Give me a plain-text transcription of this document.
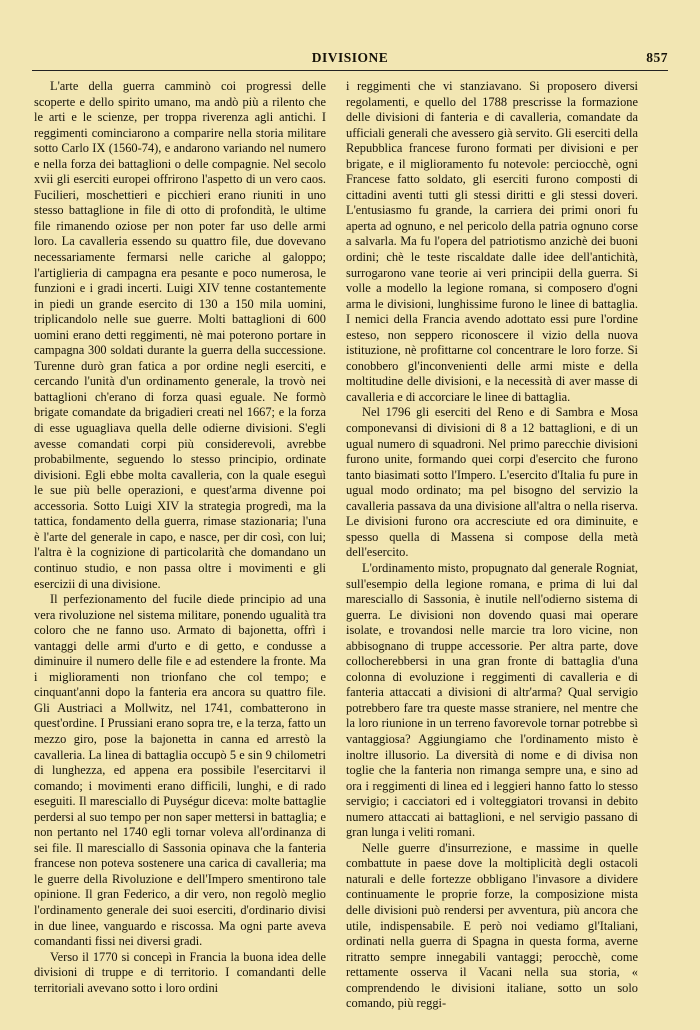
DIVISIONE	857

L'arte della guerra camminò coi progressi delle scoperte e dello spirito umano, ma andò più a rilento che le arti e le scienze, per troppa riverenza agli antichi. I reggimenti cominciarono a comparire nella storia militare sotto Carlo IX (1560-74), e andarono variando nel numero e nella forza dei battaglioni o delle compagnie. Nel secolo xvii gli eserciti europei offrirono l'aspetto di un vero caos. Fucilieri, moschettieri e picchieri erano riuniti in uno stesso battaglione in file di otto di profondità, le ultime file rimanendo oziose per non poter far uso delle armi loro. La cavalleria essendo su quattro file, due dovevano necessariamente fermarsi nelle cariche al galoppo; l'artiglieria di campagna era pesante e poco numerosa, le funzioni e i gradi incerti. Luigi XIV tenne costantemente in piedi un grande esercito di 130 a 150 mila uomini, triplicandolo nelle sue guerre. Molti battaglioni di 600 uomini erano detti reggimenti, nè mai poterono portare in campagna 300 soldati durante la guerra della successione. Turenne durò gran fatica a por ordine negli eserciti, e cercando l'unità d'un ordinamento generale, la trovò nei battaglioni ch'erano di forza quasi eguale. Ne formò brigate comandate da brigadieri creati nel 1667; e la forza di esse uguagliava quella delle odierne divisioni. S'egli avesse comandati corpi più considerevoli, avrebbe probabilmente, seguendo lo stesso principio, ordinate divisioni. Egli ebbe molta cavalleria, con la quale eseguì le sue più belle operazioni, e quest'arma divenne poi accessoria. Sotto Luigi XIV la strategia progredì, ma la tattica, fondamento della guerra, rimase stazionaria; l'una è l'arte del generale in capo, e nasce, per dir così, con lui; l'altra è la cognizione di particolarità che domandano un continuo studio, e non passa oltre i movimenti e gli esercizii di una divisione.

Il perfezionamento del fucile diede principio ad una vera rivoluzione nel sistema militare, ponendo ugualità tra coloro che ne fanno uso. Armato di bajonetta, offrì i vantaggi delle armi d'urto e di getto, e condusse a diminuire il numero delle file e ad estendere la fronte. Ma i miglioramenti non trionfano che col tempo; e cinquant'anni dopo la fanteria era ancora su quattro file. Gli Austriaci a Mollwitz, nel 1741, combatterono in quest'ordine. I Prussiani erano sopra tre, e la terza, fatto un mezzo giro, pose la bajonetta in canna ed arrestò la cavalleria. La linea di battaglia occupò 5 e sin 9 chilometri di lunghezza, ed appena era possibile l'esercitarvi il comando; i movimenti erano difficili, lunghi, e di rado eseguiti. Il maresciallo di Puységur diceva: molte battaglie perdersi al suo tempo per non saper mettersi in battaglia; e non pertanto nel 1740 egli tornar voleva all'ordinanza di sei file. Il maresciallo di Sassonia opinava che la fanteria francese non poteva sostenere una carica di cavalleria; ma le guerre della Rivoluzione e dell'Impero smentirono tale opinione. Il gran Federico, a dir vero, non regolò meglio l'ordinamento generale dei suoi eserciti, d'ordinario divisi in due linee, vanguardo e riscossa. Ma ogni parte aveva comandanti fissi nei diversi gradi.

Verso il 1770 si concepì in Francia la buona idea delle divisioni di truppe e di territorio. I comandanti delle territoriali avevano sotto i loro ordini

i reggimenti che vi stanziavano. Si proposero diversi regolamenti, e quello del 1788 prescrisse la formazione delle divisioni di fanteria e di cavalleria, comandate da ufficiali generali che avessero già servito. Gli eserciti della Repubblica francese furono formati per divisioni e per brigate, e il miglioramento fu notevole: perciocchè, ogni Francese fatto soldato, gli eserciti furono composti di cittadini aventi tutti gli stessi diritti e gli stessi doveri. L'entusiasmo fu grande, la carriera dei primi onori fu aperta ad ognuno, e nel pericolo della patria ognuno corse a salvarla. Ma fu l'opera del patriotismo anzichè dei buoni ordini; chè le teste riscaldate dalle idee dell'antichità, surrogarono vane teorie ai veri principii della guerra. Si volle a modello la legione romana, si composero d'ogni arma le divisioni, lunghissime furono le linee di battaglia. I nemici della Francia avendo adottato essi pure l'ordine esteso, non seppero riconoscere il vizio della nuova istituzione, nè profittarne col concentrare le loro forze. Si conobbero gl'inconvenienti delle armi miste e della moltitudine delle divisioni, e la necessità di aver masse di cavalleria e di accorciare le linee di battaglia.

Nel 1796 gli eserciti del Reno e di Sambra e Mosa componevansi di divisioni di 8 a 12 battaglioni, e di un ugual numero di squadroni. Nel primo parecchie divisioni furono unite, formando quei corpi d'esercito che furono tanto biasimati sotto l'Impero. L'esercito d'Italia fu pure in ugual modo ordinato; ma pel bisogno del servizio la cavalleria passava da una divisione all'altra o nella riserva. Le divisioni furono ora accresciute ed ora diminuite, e spesso quella di Massena si compose della metà dell'esercito.

L'ordinamento misto, propugnato dal generale Rogniat, sull'esempio della legione romana, e prima di lui dal maresciallo di Sassonia, è inutile nell'odierno sistema di guerra. Le divisioni non dovendo quasi mai operare isolate, e trovandosi nelle marcie tra loro vicine, non abbisognano di truppe accessorie. Per altra parte, dove collocherebbersi in una gran fronte di battaglia d'una colonna di evoluzione i reggimenti di cavalleria e di fanteria attaccati a divisioni di altr'arma? Qual servigio potrebbero fare tra queste masse straniere, nel mentre che la loro riunione in un terreno favorevole tornar potrebbe sì vantaggiosa? Aggiungiamo che l'ordinamento misto è inoltre illusorio. La diversità di nome e di divisa non toglie che la fanteria non rimanga sempre una, e sino ad ora i reggimenti di linea ed i leggieri hanno fatto lo stesso servigio; i cacciatori ed i volteggiatori trovansi in debito numero attaccati ai battaglioni, e nel servigio passano di gran lunga i veliti romani.

Nelle guerre d'insurrezione, e massime in quelle combattute in paese dove la moltiplicità degli ostacoli naturali e delle fortezze obbligano l'invasore a dividere continuamente le proprie forze, la composizione mista delle divisioni può rendersi per avventura, più ancora che utile, indispensabile. E però noi vediamo gl'Italiani, ordinati nella guerra di Spagna in questa forma, averne ritratto sempre innegabili vantaggi; perocchè, come rettamente osserva il Vacani nella sua storia, « comprendendo le divisioni italiane, sotto un solo comando, più reggi-
